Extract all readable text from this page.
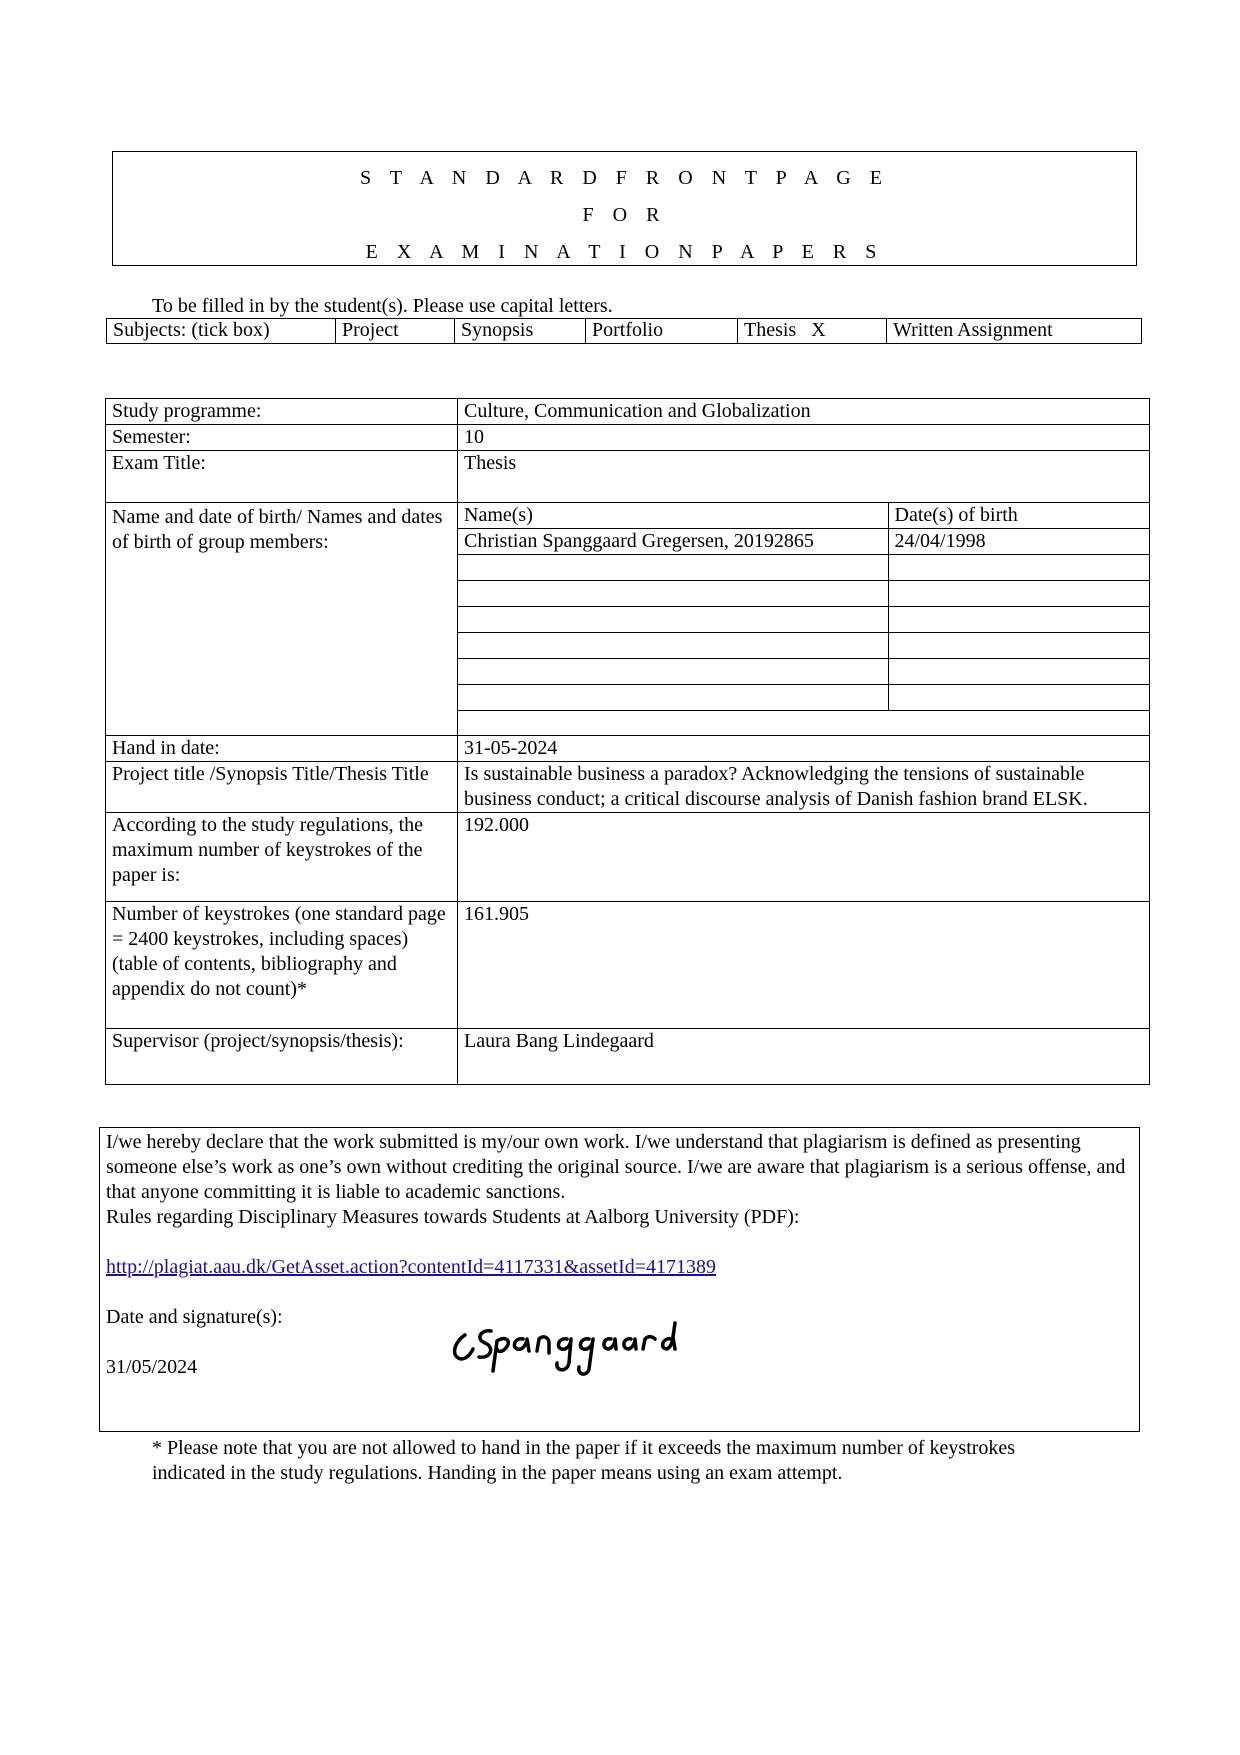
S T A N D A R D F R O N T P A G E
F O R
E X A M I N A T I O N P A P E R S
To be filled in by the student(s). Please use capital letters.
Subjects: (tick box)	Project	Synopsis	Portfolio	Thesis   X	Written Assignment
Study programme:	Culture, Communication and Globalization
Semester:	10
Exam Title:	Thesis
Name and date of birth/ Names and dates of birth of group members:	
Name(s)	Date(s) of birth
Christian Spanggaard Gregersen, 20192865	24/04/1998

Hand in date:	31-05-2024
Project title /Synopsis Title/Thesis Title	Is sustainable business a paradox? Acknowledging the tensions of sustainable business conduct; a critical discourse analysis of Danish fashion brand ELSK.
According to the study regulations, the maximum number of keystrokes of the paper is:	192.000
Number of keystrokes (one standard page = 2400 keystrokes, including spaces) (table of contents, bibliography and appendix do not count)*	161.905
Supervisor (project/synopsis/thesis):	Laura Bang Lindegaard
I/we hereby declare that the work submitted is my/our own work. I/we understand that plagiarism is defined as presenting someone else’s work as one’s own without crediting the original source. I/we are aware that plagiarism is a serious offense, and that anyone committing it is liable to academic sanctions.
Rules regarding Disciplinary Measures towards Students at Aalborg University (PDF):
http://plagiat.aau.dk/GetAsset.action?contentId=4117331&assetId=4171389
Date and signature(s):
31/05/2024
* Please note that you are not allowed to hand in the paper if it exceeds the maximum number of keystrokes indicated in the study regulations. Handing in the paper means using an exam attempt.
